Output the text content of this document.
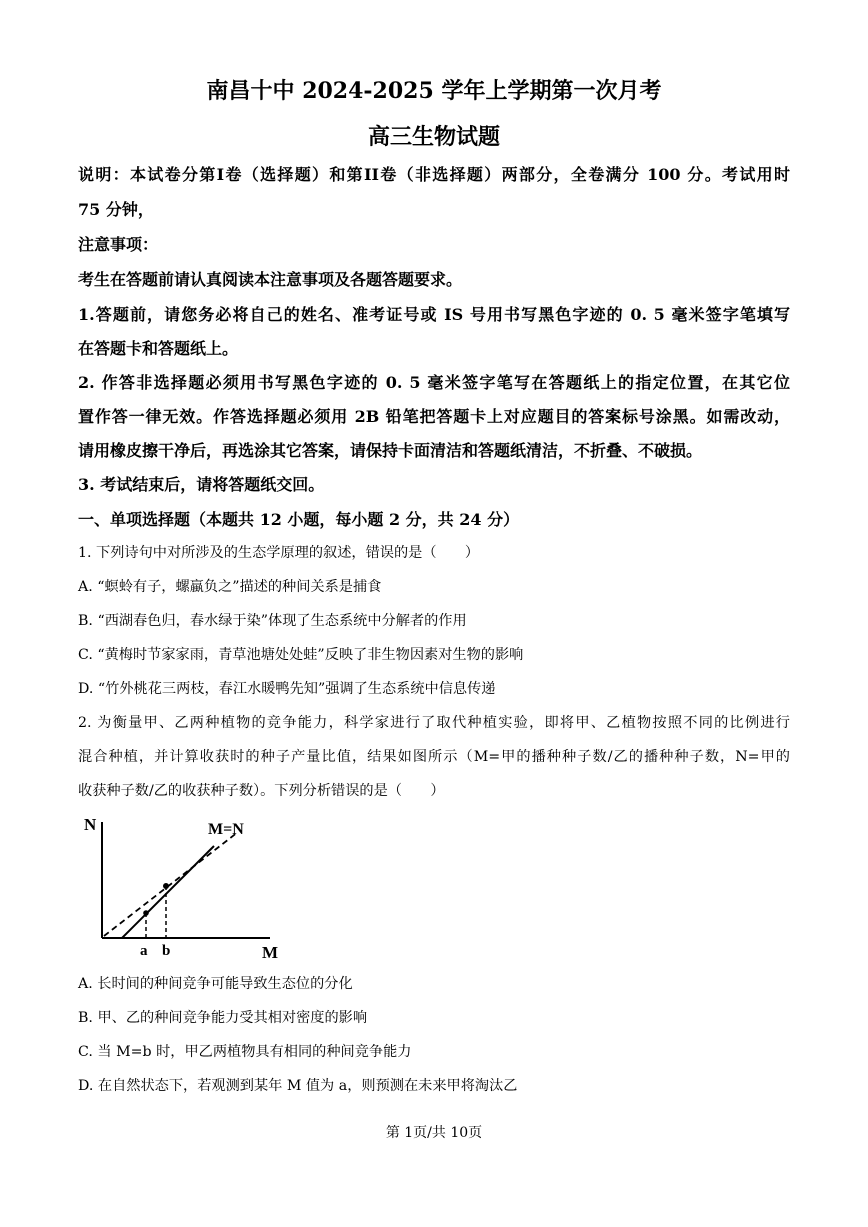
南昌十中 2024-2025 学年上学期第一次月考
高三生物试题
说明：本试卷分第I卷（选择题）和第II卷（非选择题）两部分，全卷满分 100 分。考试用时
75 分钟，
注意事项：
考生在答题前请认真阅读本注意事项及各题答题要求。
1.答题前，请您务必将自己的姓名、准考证号或 IS 号用书写黑色字迹的 0. 5 毫米签字笔填写
在答题卡和答题纸上。
2. 作答非选择题必须用书写黑色字迹的 0. 5 毫米签字笔写在答题纸上的指定位置，在其它位
置作答一律无效。作答选择题必须用 2B 铅笔把答题卡上对应题目的答案标号涂黑。如需改动，
请用橡皮擦干净后，再选涂其它答案，请保持卡面清洁和答题纸清洁，不折叠、不破损。
3. 考试结束后，请将答题纸交回。
一、单项选择题（本题共 12 小题，每小题 2 分，共 24 分）
1. 下列诗句中对所涉及的生态学原理的叙述，错误的是（　　）
A. “螟蛉有子，螺蠃负之”描述的种间关系是捕食
B. “西湖春色归，春水绿于染”体现了生态系统中分解者的作用
C. “黄梅时节家家雨，青草池塘处处蛙”反映了非生物因素对生物的影响
D. “竹外桃花三两枝，春江水暖鸭先知”强调了生态系统中信息传递
2. 为衡量甲、乙两种植物的竞争能力，科学家进行了取代种植实验，即将甲、乙植物按照不同的比例进行
混合种植，并计算收获时的种子产量比值，结果如图所示（M=甲的播种种子数/乙的播种种子数，N=甲的
收获种子数/乙的收获种子数）。下列分析错误的是（　　）
N
M
M=N
a b
A. 长时间的种间竞争可能导致生态位的分化
B. 甲、乙的种间竞争能力受其相对密度的影响
C. 当 M=b 时，甲乙两植物具有相同的种间竞争能力
D. 在自然状态下，若观测到某年 M 值为 a，则预测在未来甲将淘汰乙
第 1页/共 10页
